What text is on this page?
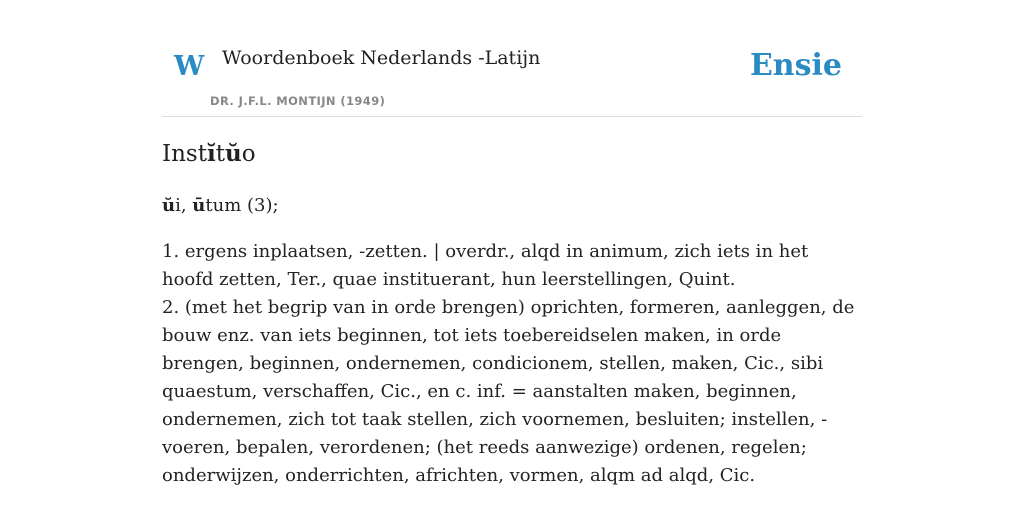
W Woordenboek Nederlands -Latijn
DR. J.F.L. MONTIJN (1949)
Ensie
Instĭtŭo
ŭi, ūtum (3);

1. ergens inplaatsen, -zetten. | overdr., alqd in animum, zich iets in het hoofd zetten, Ter., quae instituerant, hun leerstellingen, Quint.

2. (met het begrip van in orde brengen) oprichten, formeren, aanleggen, de bouw enz. van iets beginnen, tot iets toebereidselen maken, in orde brengen, beginnen, ondernemen, condicionem, stellen, maken, Cic., sibi quaestum, verschaffen, Cic., en c. inf. = aanstalten maken, beginnen, ondernemen, zich tot taak stellen, zich voornemen, besluiten; instellen, -voeren, bepalen, verordenen; (het reeds aanwezige) ordenen, regelen; onderwijzen, onderrichten, africhten, vormen, alqm ad alqd, Cic.
